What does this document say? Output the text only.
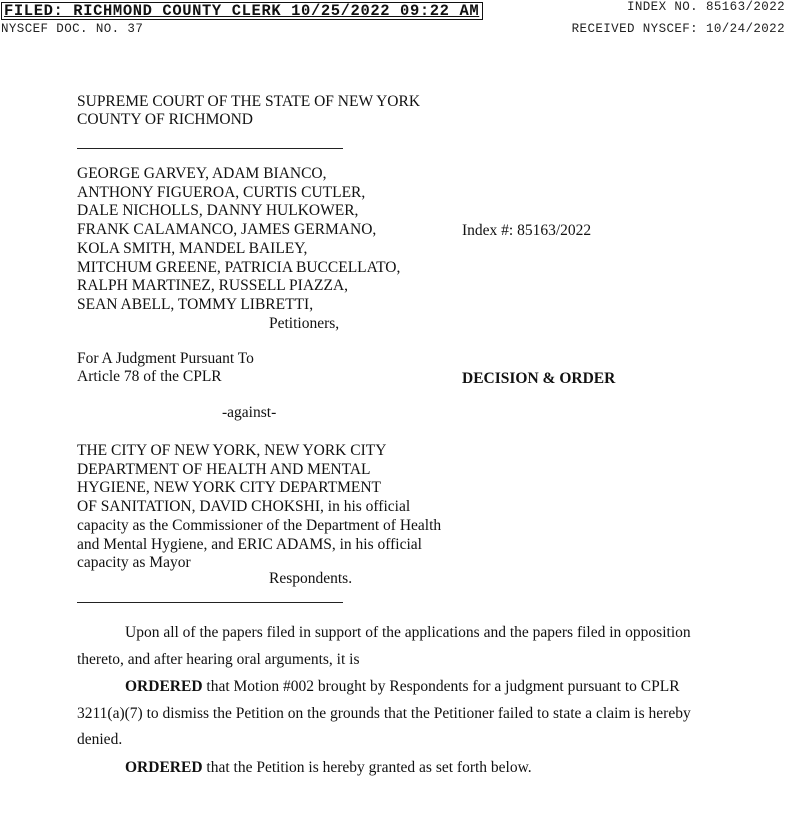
FILED: RICHMOND COUNTY CLERK 10/25/2022 09:22 AM	INDEX NO. 85163/2022
NYSCEF DOC. NO. 37	RECEIVED NYSCEF: 10/24/2022
SUPREME COURT OF THE STATE OF NEW YORK
COUNTY OF RICHMOND
GEORGE GARVEY, ADAM BIANCO,
ANTHONY FIGUEROA, CURTIS CUTLER,
DALE NICHOLLS, DANNY HULKOWER,
FRANK CALAMANCO, JAMES GERMANO,
KOLA SMITH, MANDEL BAILEY,
MITCHUM GREENE, PATRICIA BUCCELLATO,
RALPH MARTINEZ, RUSSELL PIAZZA,
SEAN ABELL, TOMMY LIBRETTI,
Petitioners,
Index #: 85163/2022
For A Judgment Pursuant To
Article 78 of the CPLR	DECISION & ORDER
-against-
THE CITY OF NEW YORK, NEW YORK CITY
DEPARTMENT OF HEALTH AND MENTAL
HYGIENE, NEW YORK CITY DEPARTMENT
OF SANITATION, DAVID CHOKSHI, in his official
capacity as the Commissioner of the Department of Health
and Mental Hygiene, and ERIC ADAMS, in his official
capacity as Mayor
Respondents.
Upon all of the papers filed in support of the applications and the papers filed in opposition
thereto, and after hearing oral arguments, it is
ORDERED that Motion #002 brought by Respondents for a judgment pursuant to CPLR
3211(a)(7) to dismiss the Petition on the grounds that the Petitioner failed to state a claim is hereby
denied.
ORDERED that the Petition is hereby granted as set forth below.
